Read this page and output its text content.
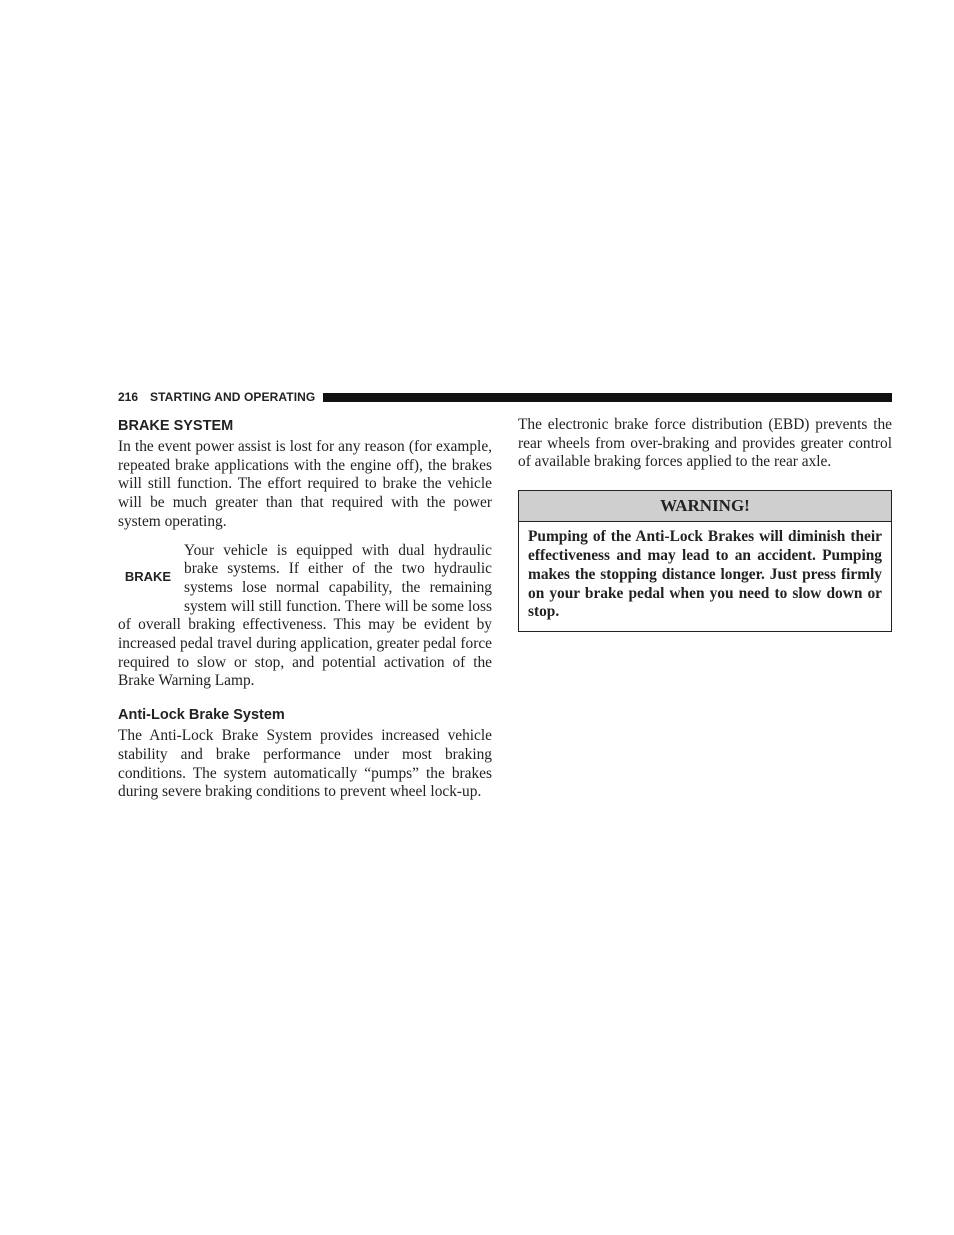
216 STARTING AND OPERATING
BRAKE SYSTEM

In the event power assist is lost for any reason (for example, repeated brake applications with the engine off), the brakes will still function. The effort required to brake the vehicle will be much greater than that required with the power system operating.

BRAKE

Your vehicle is equipped with dual hydraulic brake systems. If either of the two hydraulic systems lose normal capability, the remaining system will still function. There will be some loss of overall braking effectiveness. This may be evident by increased pedal travel during application, greater pedal force required to slow or stop, and potential activation of the Brake Warning Lamp.

Anti-Lock Brake System

The Anti-Lock Brake System provides increased vehicle stability and brake performance under most braking conditions. The system automatically “pumps” the brakes during severe braking conditions to prevent wheel lock-up.

The electronic brake force distribution (EBD) prevents the rear wheels from over-braking and provides greater control of available braking forces applied to the rear axle.

WARNING!

Pumping of the Anti-Lock Brakes will diminish their effectiveness and may lead to an accident. Pumping makes the stopping distance longer. Just press firmly on your brake pedal when you need to slow down or stop.
